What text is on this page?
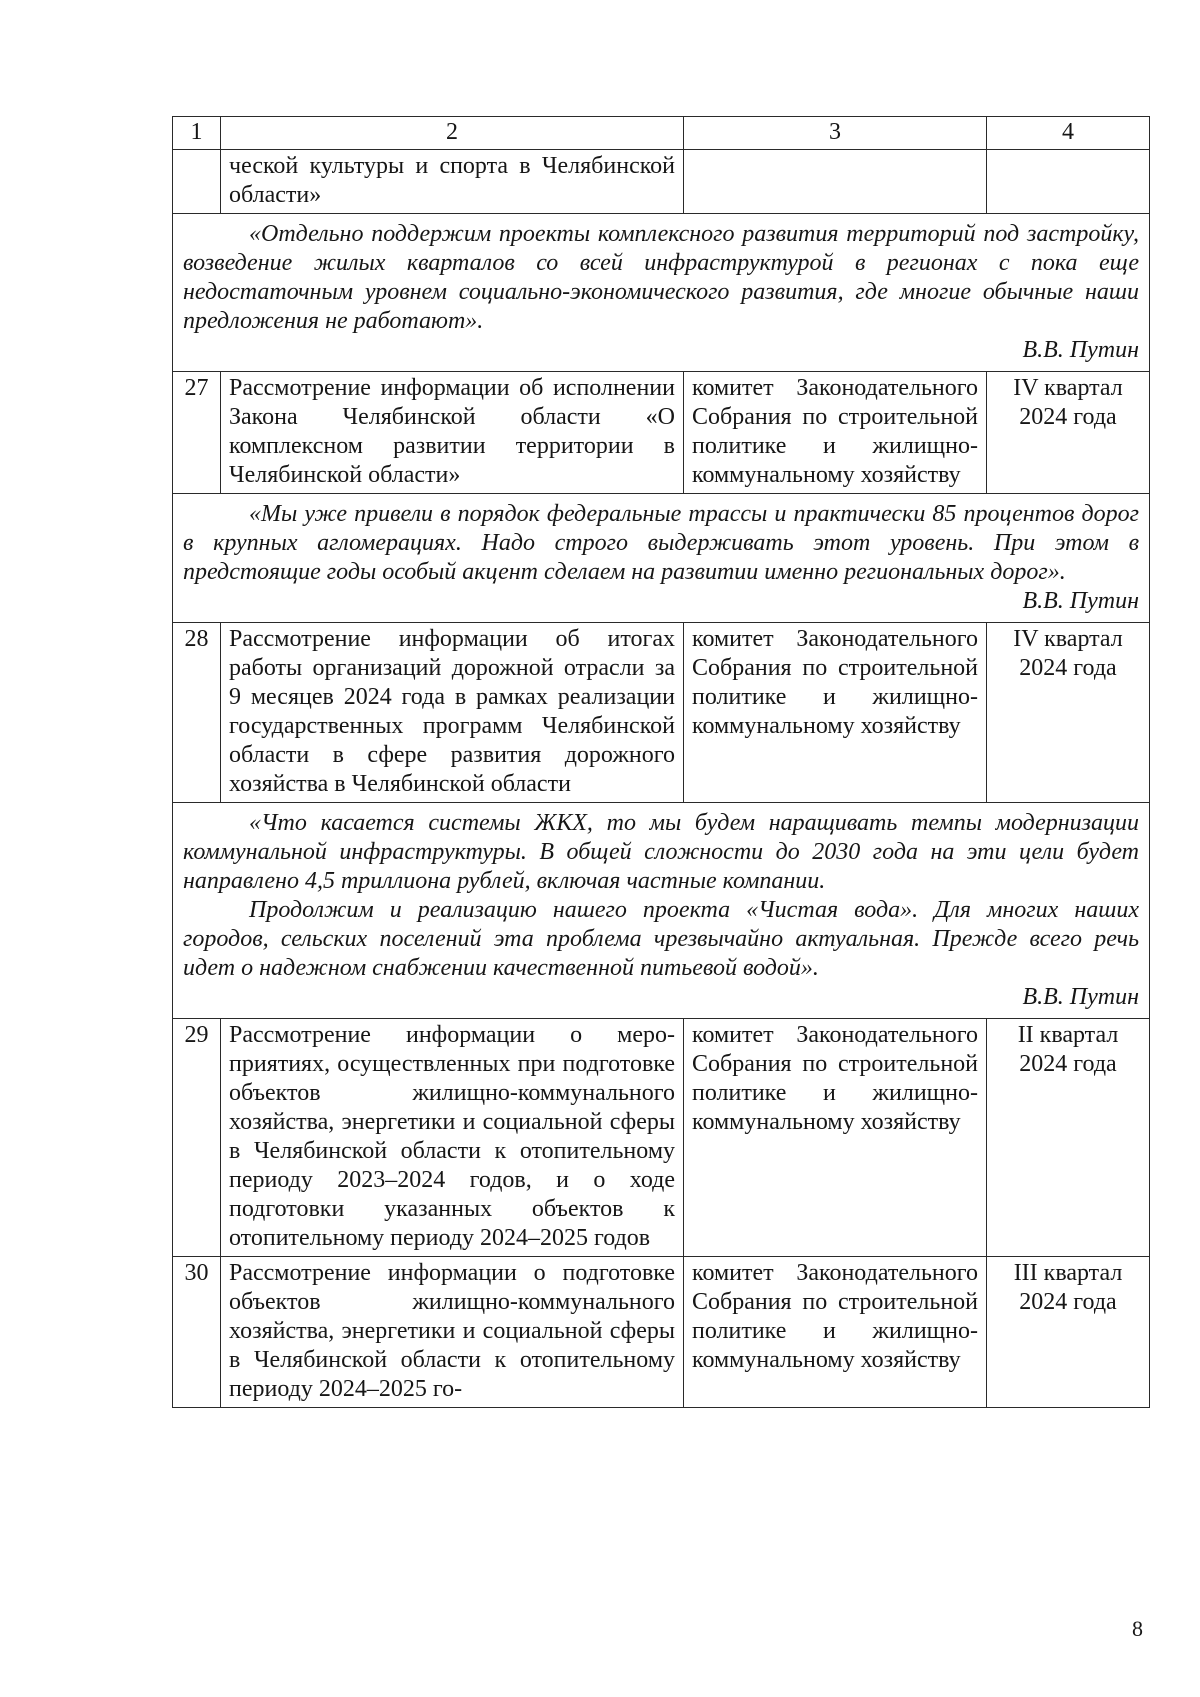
1	2	3	4
	ческой культуры и спорта в Челябинской области»		

«Отдельно поддержим проекты комплексного развития территорий под застройку, возведение жилых кварталов со всей инфраструктурой в регионах с пока еще недостаточным уровнем социально-экономического развития, где многие обычные наши предложения не работают».

В.В. Путин			

27	Рассмотрение информации об исполнении Закона Челябинской области «О комплексном развитии территории в Челябинской области»	комитет Законодательного Собрания по строительной политике и жилищно-коммунальному хозяйству	IV квартал 2024 года

«Мы уже привели в порядок федеральные трассы и практически 85 процентов дорог в крупных агломерациях. Надо строго выдерживать этот уровень. При этом в предстоящие годы особый акцент сделаем на развитии именно региональных дорог».

В.В. Путин			

28	Рассмотрение информации об итогах работы организаций дорожной отрасли за 9 месяцев 2024 года в рамках реализации государственных программ Челябинской области в сфере развития дорожного хозяйства в Челябинской области	комитет Законодательного Собрания по строительной политике и жилищно-коммунальному хозяйству	IV квартал 2024 года

«Что касается системы ЖКХ, то мы будем наращивать темпы модернизации коммунальной инфраструктуры. В общей сложности до 2030 года на эти цели будет направлено 4,5 триллиона рублей, включая частные компании.

Продолжим и реализацию нашего проекта «Чистая вода». Для многих наших городов, сельских поселений эта проблема чрезвычайно актуальная. Прежде всего речь идет о надежном снабжении качественной питьевой водой».

В.В. Путин			

29	Рассмотрение информации о мероприятиях, осуществленных при подготовке объектов жилищно-коммунального хозяйства, энергетики и социальной сферы в Челябинской области к отопительному периоду 2023–2024 годов, и о ходе подготовки указанных объектов к отопительному периоду 2024–2025 годов	комитет Законодательного Собрания по строительной политике и жилищно-коммунальному хозяйству	II квартал 2024 года
30	Рассмотрение информации о подготовке объектов жилищно-коммунального хозяйства, энергетики и социальной сферы в Челябинской области к отопительному периоду 2024–2025 го-	комитет Законодательного Собрания по строительной политике и жилищно-коммунальному хозяйству	III квартал 2024 года
8
